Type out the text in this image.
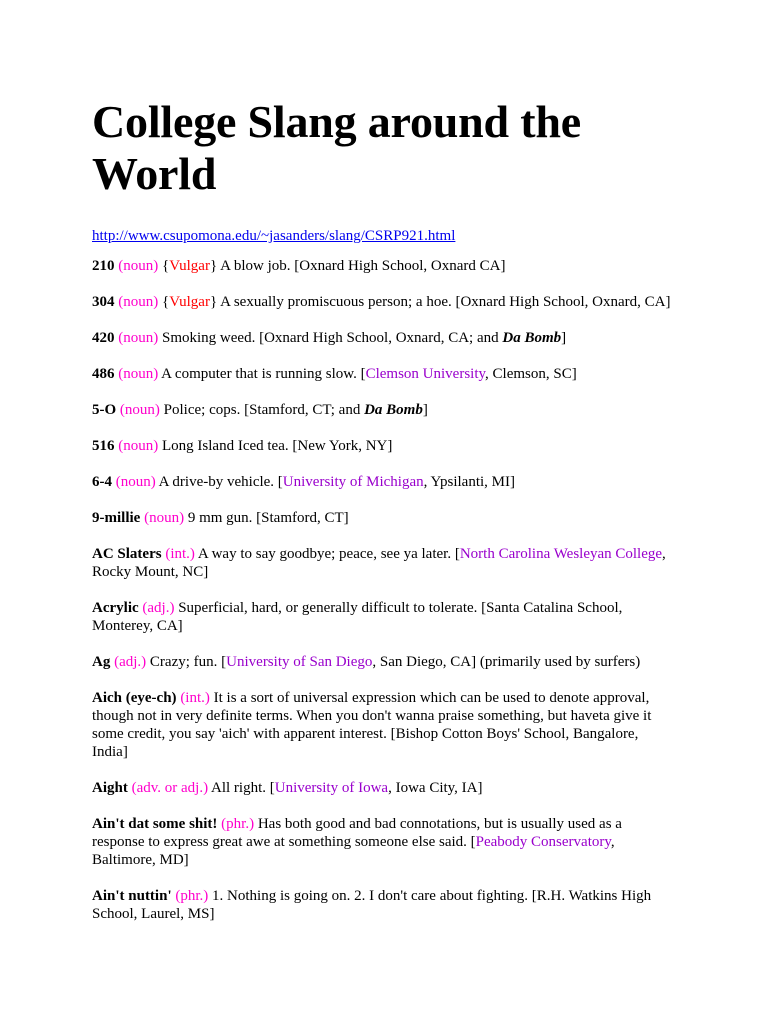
College Slang around the World
http://www.csupomona.edu/~jasanders/slang/CSRP921.html

210 (noun) {Vulgar} A blow job. [Oxnard High School, Oxnard CA]

304 (noun) {Vulgar} A sexually promiscuous person; a hoe. [Oxnard High School, Oxnard, CA]

420 (noun) Smoking weed. [Oxnard High School, Oxnard, CA; and Da Bomb]

486 (noun) A computer that is running slow. [Clemson University, Clemson, SC]

5-O (noun) Police; cops. [Stamford, CT; and Da Bomb]

516 (noun) Long Island Iced tea. [New York, NY]

6-4 (noun) A drive-by vehicle. [University of Michigan, Ypsilanti, MI]

9-millie (noun) 9 mm gun. [Stamford, CT]

AC Slaters (int.) A way to say goodbye; peace, see ya later. [North Carolina Wesleyan College, Rocky Mount, NC]

Acrylic (adj.) Superficial, hard, or generally difficult to tolerate. [Santa Catalina School, Monterey, CA]

Ag (adj.) Crazy; fun. [University of San Diego, San Diego, CA] (primarily used by surfers)

Aich (eye-ch) (int.) It is a sort of universal expression which can be used to denote approval, though not in very definite terms. When you don't wanna praise something, but haveta give it some credit, you say 'aich' with apparent interest. [Bishop Cotton Boys' School, Bangalore, India]

Aight (adv. or adj.) All right. [University of Iowa, Iowa City, IA]

Ain't dat some shit! (phr.) Has both good and bad connotations, but is usually used as a response to express great awe at something someone else said. [Peabody Conservatory, Baltimore, MD]

Ain't nuttin' (phr.) 1. Nothing is going on. 2. I don't care about fighting. [R.H. Watkins High School, Laurel, MS]
